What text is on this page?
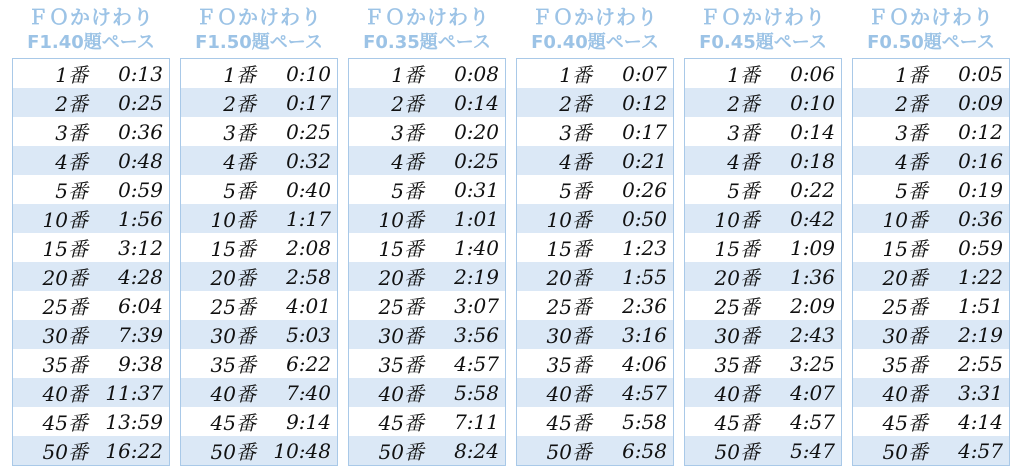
ＦＯかけわり
F1.40題ペース
1番	0:13
2番	0:25
3番	0:36
4番	0:48
5番	0:59
10番	1:56
15番	3:12
20番	4:28
25番	6:04
30番	7:39
35番	9:38
40番	11:37
45番	13:59
50番	16:22
ＦＯかけわり
F1.50題ペース
1番	0:10
2番	0:17
3番	0:25
4番	0:32
5番	0:40
10番	1:17
15番	2:08
20番	2:58
25番	4:01
30番	5:03
35番	6:22
40番	7:40
45番	9:14
50番	10:48
ＦＯかけわり
F0.35題ペース
1番	0:08
2番	0:14
3番	0:20
4番	0:25
5番	0:31
10番	1:01
15番	1:40
20番	2:19
25番	3:07
30番	3:56
35番	4:57
40番	5:58
45番	7:11
50番	8:24
ＦＯかけわり
F0.40題ペース
1番	0:07
2番	0:12
3番	0:17
4番	0:21
5番	0:26
10番	0:50
15番	1:23
20番	1:55
25番	2:36
30番	3:16
35番	4:06
40番	4:57
45番	5:58
50番	6:58
ＦＯかけわり
F0.45題ペース
1番	0:06
2番	0:10
3番	0:14
4番	0:18
5番	0:22
10番	0:42
15番	1:09
20番	1:36
25番	2:09
30番	2:43
35番	3:25
40番	4:07
45番	4:57
50番	5:47
ＦＯかけわり
F0.50題ペース
1番	0:05
2番	0:09
3番	0:12
4番	0:16
5番	0:19
10番	0:36
15番	0:59
20番	1:22
25番	1:51
30番	2:19
35番	2:55
40番	3:31
45番	4:14
50番	4:57
